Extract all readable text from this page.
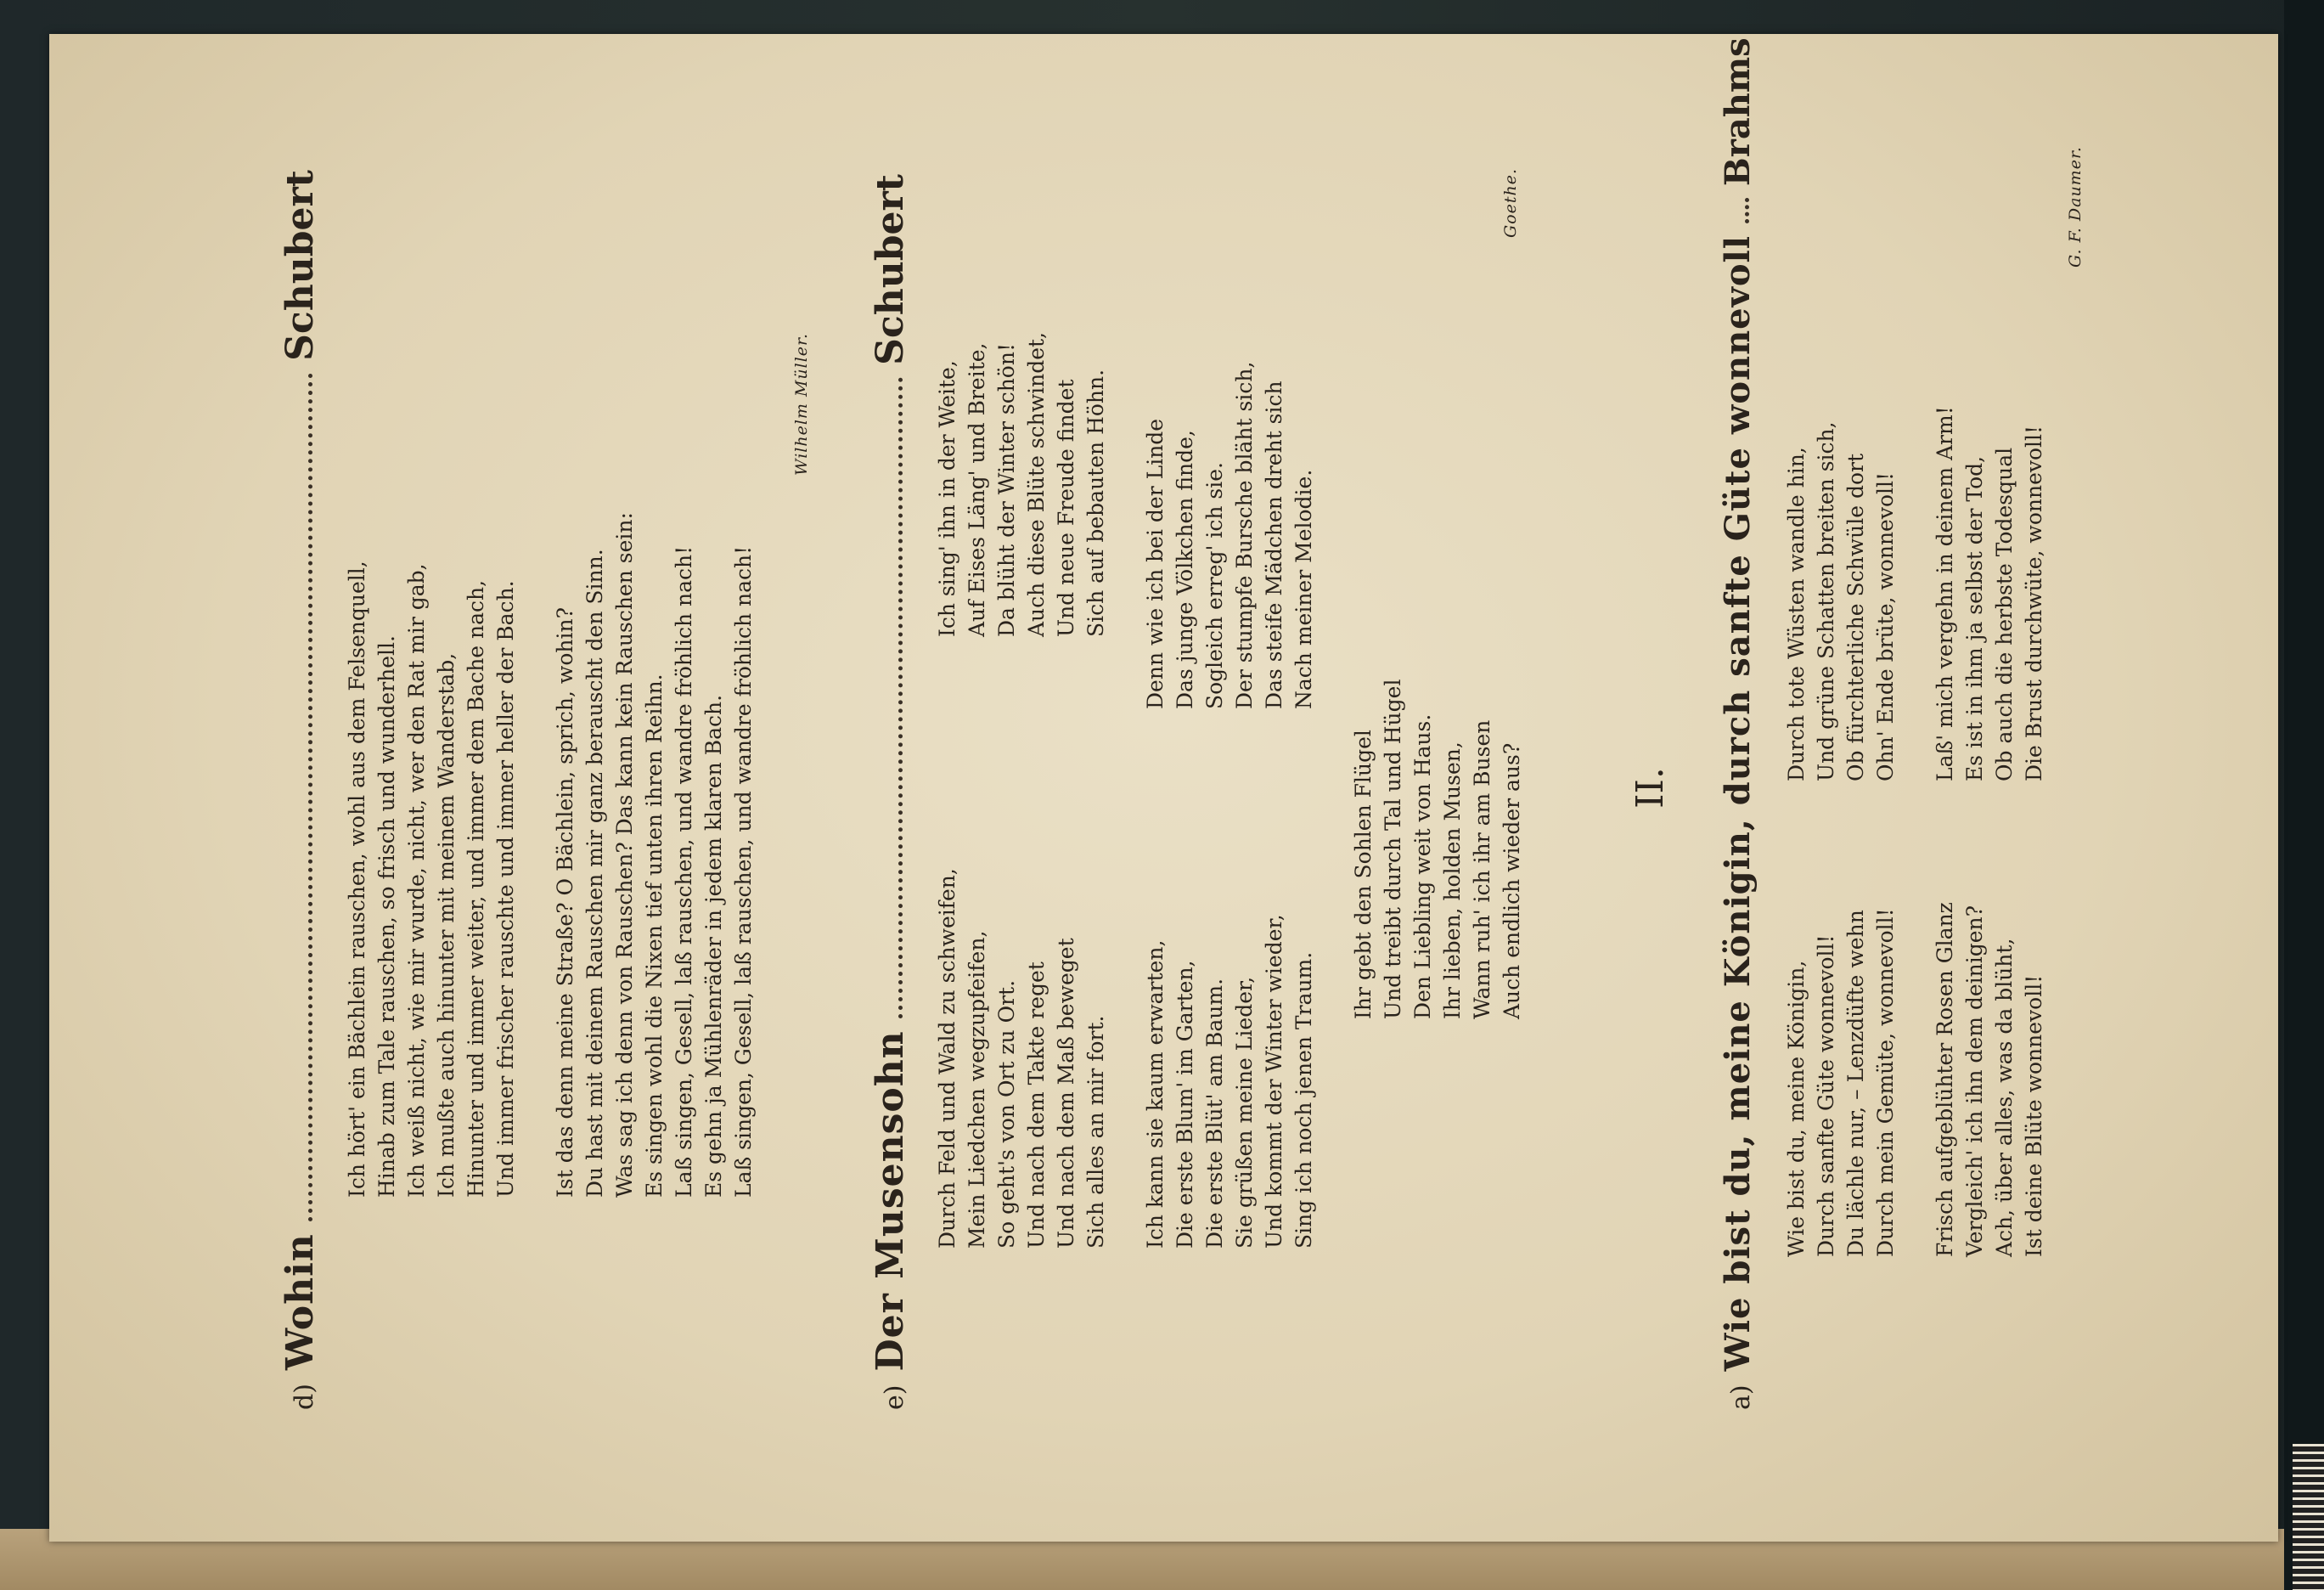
d)
Wohin
Schubert
Ich hört' ein Bächlein rauschen, wohl aus dem Felsenquell, Hinab zum Tale rauschen, so frisch und wunderhell. Ich weiß nicht, wie mir wurde, nicht, wer den Rat mir gab, Ich mußte auch hinunter mit meinem Wanderstab, Hinunter und immer weiter, und immer dem Bache nach, Und immer frischer rauschte und immer heller der Bach. Ist das denn meine Straße? O Bächlein, sprich, wohin? Du hast mit deinem Rauschen mir ganz berauscht den Sinn. Was sag ich denn von Rauschen? Das kann kein Rauschen sein: Es singen wohl die Nixen tief unten ihren Reihn. Laß singen, Gesell, laß rauschen, und wandre fröhlich nach! Es gehn ja Mühlenräder in jedem klaren Bach. Laß singen, Gesell, laß rauschen, und wandre fröhlich nach!
Wilhelm Müller.
e)
Der Musensohn
Schubert
Durch Feld und Wald zu schweifen, Mein Liedchen wegzupfeifen, So geht's von Ort zu Ort. Und nach dem Takte reget Und nach dem Maß beweget Sich alles an mir fort.
Ich sing' ihn in der Weite, Auf Eises Läng' und Breite, Da blüht der Winter schön! Auch diese Blüte schwindet, Und neue Freude findet Sich auf bebauten Höhn.
Ich kann sie kaum erwarten, Die erste Blum' im Garten, Die erste Blüt' am Baum. Sie grüßen meine Lieder, Und kommt der Winter wieder, Sing ich noch jenen Traum.
Denn wie ich bei der Linde Das junge Völkchen finde, Sogleich erreg' ich sie. Der stumpfe Bursche bläht sich, Das steife Mädchen dreht sich Nach meiner Melodie.
Ihr gebt den Sohlen Flügel Und treibt durch Tal und Hügel Den Liebling weit von Haus. Ihr lieben, holden Musen, Wann ruh' ich ihr am Busen Auch endlich wieder aus?
Goethe.
II.
a)
Wie bist du, meine Königin, durch sanfte Güte wonnevoll
Brahms
Wie bist du, meine Königin, Durch sanfte Güte wonnevoll! Du lächle nur, – Lenzdüfte wehn Durch mein Gemüte, wonnevoll!
Durch tote Wüsten wandle hin, Und grüne Schatten breiten sich, Ob fürchterliche Schwüle dort Ohn' Ende brüte, wonnevoll!
Frisch aufgeblühter Rosen Glanz Vergleich' ich ihn dem deinigen? Ach, über alles, was da blüht, Ist deine Blüte wonnevoll!
Laß' mich vergehn in deinem Arm! Es ist in ihm ja selbst der Tod, Ob auch die herbste Todesqual Die Brust durchwüte, wonnevoll!
G. F. Daumer.
